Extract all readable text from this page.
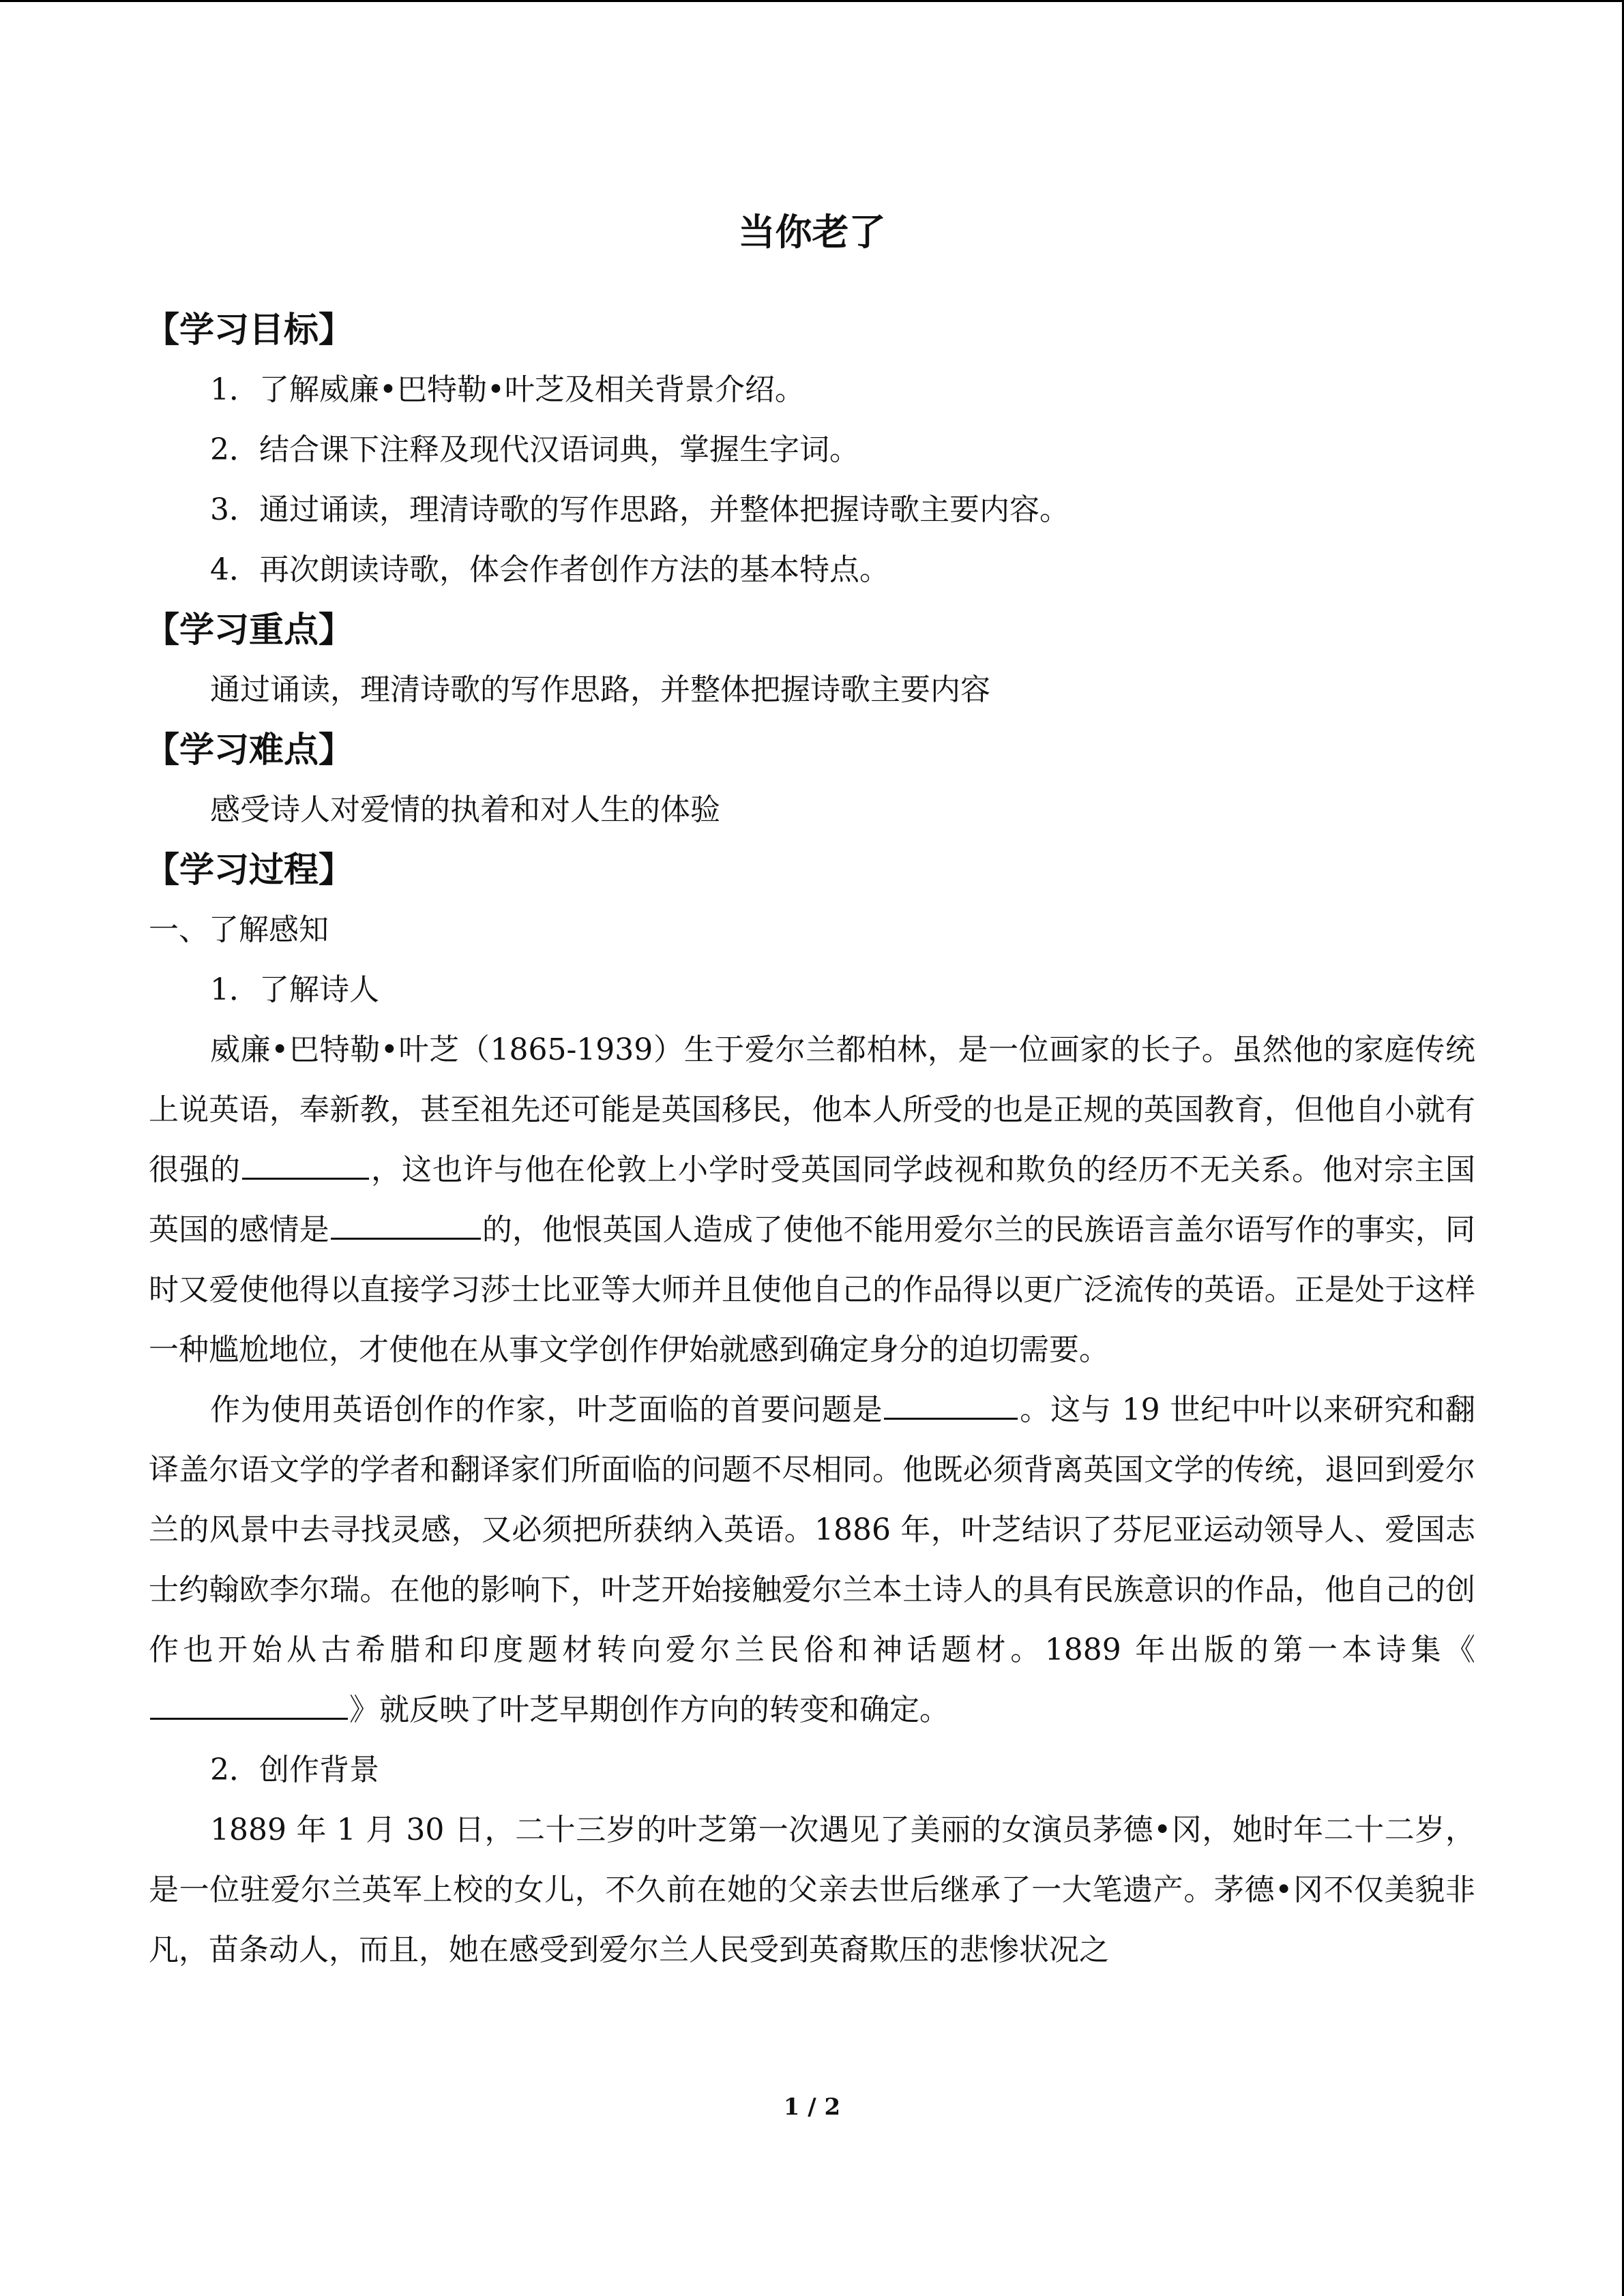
当你老了
【学习目标】
1．了解威廉•巴特勒•叶芝及相关背景介绍。
2．结合课下注释及现代汉语词典，掌握生字词。
3．通过诵读，理清诗歌的写作思路，并整体把握诗歌主要内容。
4．再次朗读诗歌，体会作者创作方法的基本特点。
【学习重点】
通过诵读，理清诗歌的写作思路，并整体把握诗歌主要内容
【学习难点】
感受诗人对爱情的执着和对人生的体验
【学习过程】
一、了解感知
1．了解诗人

威廉•巴特勒•叶芝（1865-1939）生于爱尔兰都柏林，是一位画家的长子。虽然他的家庭传统上说英语，奉新教，甚至祖先还可能是英国移民，他本人所受的也是正规的英国教育，但他自小就有很强的	，这也许与他在伦敦上小学时受英国同学歧视和欺负的经历不无关系。他对宗主国英国的感情是	的，他恨英国人造成了使他不能用爱尔兰的民族语言盖尔语写作的事实，同时又爱使他得以直接学习莎士比亚等大师并且使他自己的作品得以更广泛流传的英语。正是处于这样一种尴尬地位，才使他在从事文学创作伊始就感到确定身分的迫切需要。

作为使用英语创作的作家，叶芝面临的首要问题是	。这与 19 世纪中叶以来研究和翻译盖尔语文学的学者和翻译家们所面临的问题不尽相同。他既必须背离英国文学的传统，退回到爱尔兰的风景中去寻找灵感，又必须把所获纳入英语。1886 年，叶芝结识了芬尼亚运动领导人、爱国志士约翰欧李尔瑞。在他的影响下，叶芝开始接触爱尔兰本土诗人的具有民族意识的作品，他自己的创作也开始从古希腊和印度题材转向爱尔兰民俗和神话题材。1889 年出版的第一本诗集《》就反映了叶芝早期创作方向的转变和确定。

2．创作背景

1889 年 1 月 30 日，二十三岁的叶芝第一次遇见了美丽的女演员茅德•冈，她时年二十二岁，是一位驻爱尔兰英军上校的女儿，不久前在她的父亲去世后继承了一大笔遗产。茅德•冈不仅美貌非凡，苗条动人，而且，她在感受到爱尔兰人民受到英裔欺压的悲惨状况之

1 / 2
